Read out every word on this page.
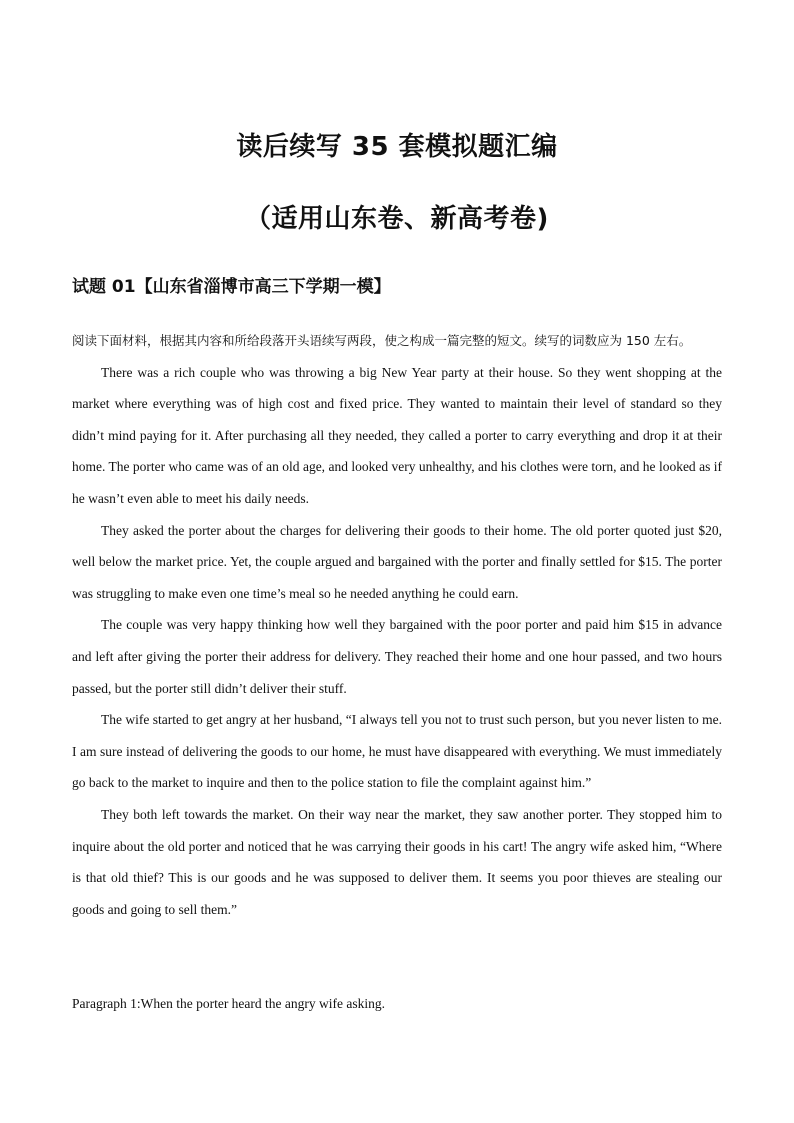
读后续写 35 套模拟题汇编
（适用山东卷、新高考卷)
试题 01【山东省淄博市高三下学期一模】

阅读下面材料，根据其内容和所给段落开头语续写两段，使之构成一篇完整的短文。续写的词数应为 150 左右。

There was a rich couple who was throwing a big New Year party at their house. So they went shopping at the market where everything was of high cost and fixed price. They wanted to maintain their level of standard so they didn’t mind paying for it. After purchasing all they needed, they called a porter to carry everything and drop it at their home. The porter who came was of an old age, and looked very unhealthy, and his clothes were torn, and he looked as if he wasn’t even able to meet his daily needs.

They asked the porter about the charges for delivering their goods to their home. The old porter quoted just $20, well below the market price. Yet, the couple argued and bargained with the porter and finally settled for $15. The porter was struggling to make even one time’s meal so he needed anything he could earn.

The couple was very happy thinking how well they bargained with the poor porter and paid him $15 in advance and left after giving the porter their address for delivery. They reached their home and one hour passed, and two hours passed, but the porter still didn’t deliver their stuff.

The wife started to get angry at her husband, “I always tell you not to trust such person, but you never listen to me. I am sure instead of delivering the goods to our home, he must have disappeared with everything. We must immediately go back to the market to inquire and then to the police station to file the complaint against him.”

They both left towards the market. On their way near the market, they saw another porter. They stopped him to inquire about the old porter and noticed that he was carrying their goods in his cart! The angry wife asked him, “Where is that old thief? This is our goods and he was supposed to deliver them. It seems you poor thieves are stealing our goods and going to sell them.”

Paragraph 1:When the porter heard the angry wife asking.
